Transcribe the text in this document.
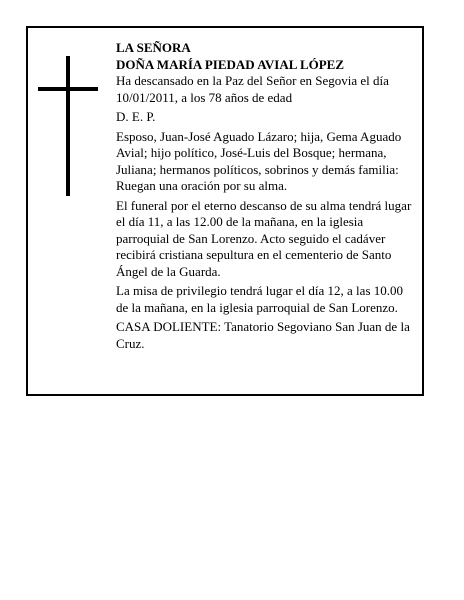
LA SEÑORA

DOÑA MARÍA PIEDAD AVIAL LÓPEZ

Ha descansado en la Paz del Señor en Segovia el día 10/01/2011, a los 78 años de edad

D. E. P.

Esposo, Juan-José Aguado Lázaro; hija, Gema Aguado Avial; hijo político, José-Luis del Bosque; hermana, Juliana; hermanos políticos, sobrinos y demás familia:

Ruegan una oración por su alma.

El funeral por el eterno descanso de su alma tendrá lugar el día 11, a las 12.00 de la mañana, en la iglesia parroquial de San Lorenzo. Acto seguido el cadáver recibirá cristiana sepultura en el cementerio de Santo Ángel de la Guarda.

La misa de privilegio tendrá lugar el día 12, a las 10.00 de la mañana, en la iglesia parroquial de San Lorenzo.

CASA DOLIENTE: Tanatorio Segoviano San Juan de la Cruz.
